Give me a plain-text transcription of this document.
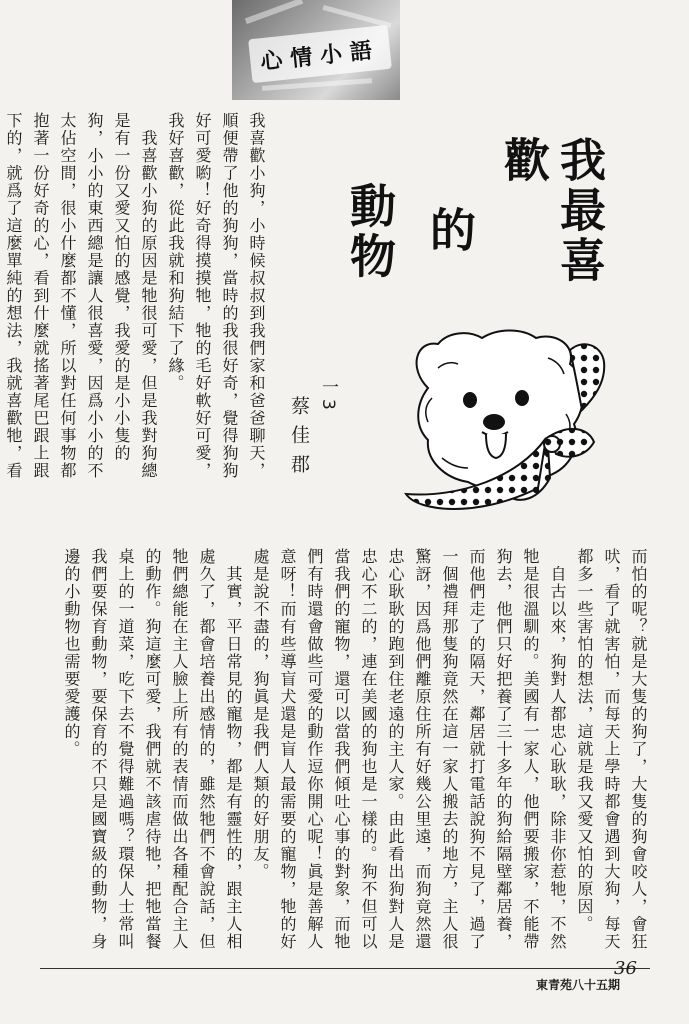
心情小語
我最喜歡
的
動物
一3
蔡佳郡
我喜歡小狗，小時候叔叔到我們家和爸爸聊天，順便帶了他的狗狗，當時的我很好奇，覺得狗狗好可愛喲！好奇得摸摸牠，牠的毛好軟好可愛，我好喜歡，從此我就和狗結下了緣。
　我喜歡小狗的原因是牠很可愛，但是我對狗總是有一份又愛又怕的感覺，我愛的是小小隻的狗，小小的東西總是讓人很喜愛，因爲小小的不太佔空間，很小什麼都不懂，所以對任何事物都抱著一份好奇的心，看到什麼就搖著尾巴跟上跟下的，就爲了這麼單純的想法，我就喜歡牠，看
而怕的呢？就是大隻的狗了，大隻的狗會咬人，會狂吠，看了就害怕，而每天上學時都會遇到大狗，每天都多一些害怕的想法，這就是我又愛又怕的原因。
　自古以來，狗對人都忠心耿耿，除非你惹牠，不然牠是很溫馴的。美國有一家人，他們要搬家，不能帶狗去，他們只好把養了三十多年的狗給隔壁鄰居養，而他們走了的隔天，鄰居就打電話說狗不見了，過了一個禮拜那隻狗竟然在這一家人搬去的地方，主人很驚訝，因爲他們離原住所有好幾公里遠，而狗竟然還忠心耿耿的跑到住老遠的主人家。由此看出狗對人是忠心不二的，連在美國的狗也是一樣的。狗不但可以當我們的寵物，還可以當我們傾吐心事的對象，而牠們有時還會做些可愛的動作逗你開心呢！眞是善解人意呀！而有些導盲犬還是盲人最需要的寵物，牠的好處是說不盡的，狗眞是我們人類的好朋友。
　其實，平日常見的寵物，都是有靈性的，跟主人相處久了，都會培養出感情的，雖然牠們不會說話，但牠們總能在主人臉上所有的表情而做出各種配合主人的動作。狗這麼可愛，我們就不該虐待牠，把牠當餐桌上的一道菜，吃下去不覺得難過嗎？環保人士常叫我們要保育動物，要保育的不只是國寶級的動物，身邊的小動物也需要愛護的。
東青苑八十五期
36
